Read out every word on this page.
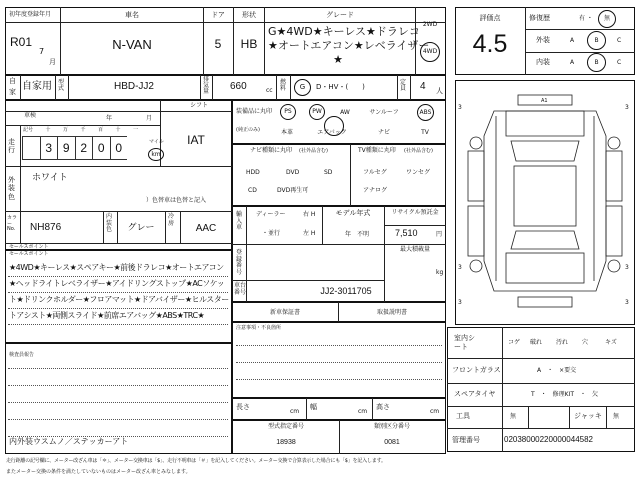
初年度登録年月
R01
7
月
車名
N-VAN
ドア
5
形状
HB
グレード
G★4WD★キーレス★ドラレコ
★オートエアコン★レベライザー
★
2WD
4WD
自
家 自家用 型式	HBD-JJ2
排気量 660	cc
燃料	G	D・HV・(　　)
定員 4 人
車検	年	月
シフト
IAT
走行
記号 十 万 千 百 十 一
3 9 2 0 0	マイル
km
外装色
ホワイト
）色替車は色替と記入
カラーNo.	NH876
内装色	グレー
冷房 AAC
セールスポイント
装備品に丸印
(純正のみ)
PS	PW	AW	サンルーフ	ABS
本革	エアバック	ナビ	TV
ナビ種類に丸印 (社外品含む)
HDD	DVD	SD
CD	DVD再生可
TV種類に丸印 (社外品含む)
フルセグ	ワンセグ
アナログ
輸入車
ディーラー
・並行
右 H
左 H
モデル年式
年　不明
リサイクル預託金
7,510	円
最大積載量
kg
登録番号
車台番号	JJ2-3011705
セールスポイント
★4WD★キーレス★スペアキー★前後ドラレコ★オートエアコン
★ヘッドライトレベライザー★アイドリングストップ★ACソケッ
ト★ドリンクホルダー★フロアマット★ドアバイザー★ヒルスター
トアシスト★両側スライド★前席エアバッグ★ABS★TRC★	新車保証書	取扱説明書
注意事項・不良箇所
検査員報告
内外装ウスムノ／ステッカーアト
長さ
cm
幅
cm
高さ
cm
型式指定番号
18938
類別区分番号
0081
評価点
4.5
修復歴	有 ・	無
外装	A	B	C
内装	A	B	C
3	3
3	3
3	3
A1
室内シート
コゲ 破れ 汚れ 穴	キズ
フロントガラス	A　・　×要交
スペアタイヤ	T　・　修理KIT　・　欠
工具	無	ジャッキ 無
管理番号	02038000220000044582
走行距離の記号欄に、メーター改ざん車は「＊」、メーター交換車は「$」、走行不明車は「＃」を記入してください。メーター交換で合算表示した場合にも「$」を記入します。
またメーター交換の条件を満たしていないものはメーター改ざん車とみなします。
